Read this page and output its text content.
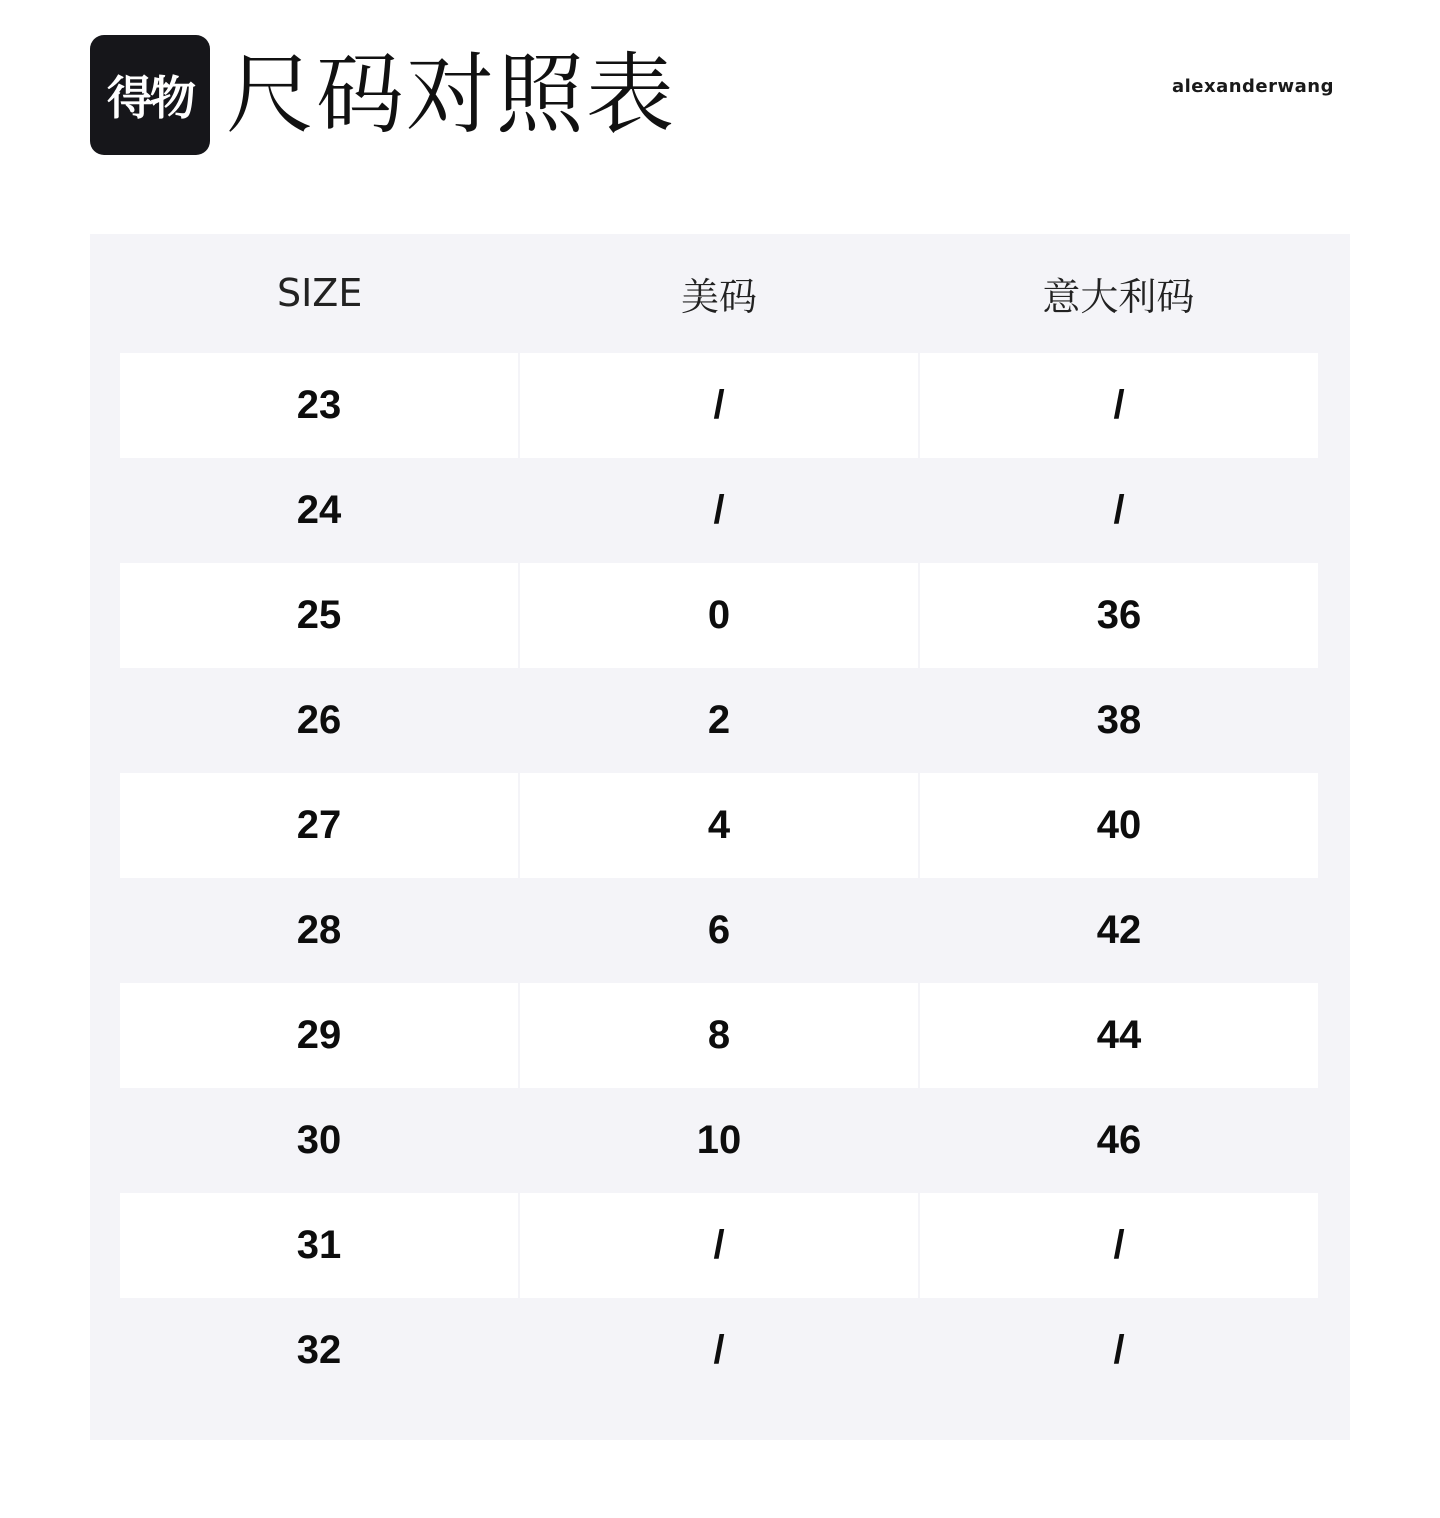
得物 尺码对照表	alexanderwang
SIZE	美码	意大利码
23	/	/
24	/	/
25	0	36
26	2	38
27	4	40
28	6	42
29	8	44
30	10	46
31	/	/
32	/	/
